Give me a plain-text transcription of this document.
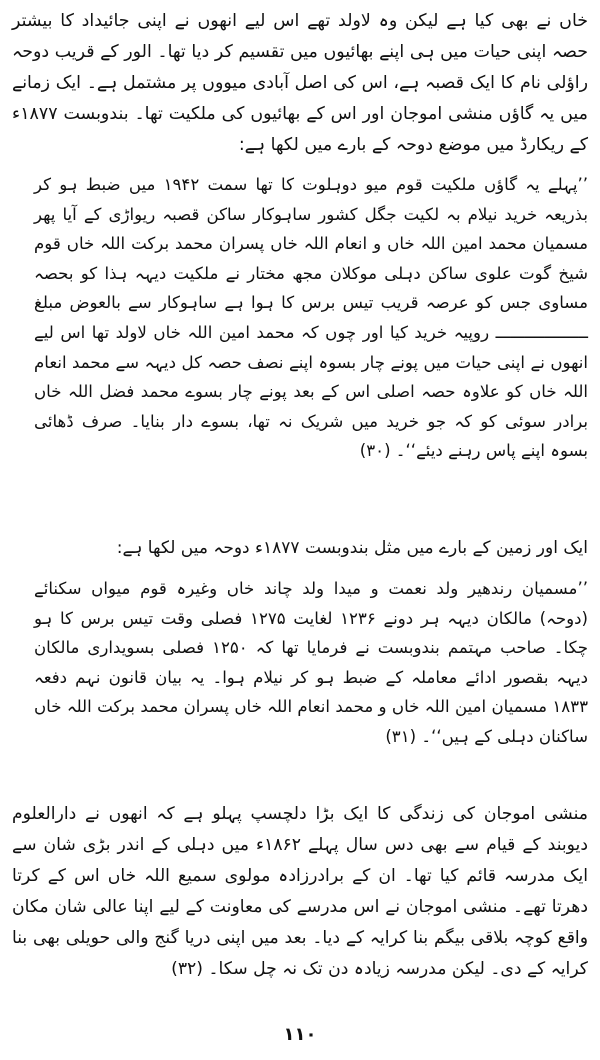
خاں نے بھی کیا ہے لیکن وہ لاولد تھے اس لیے انھوں نے اپنی جائیداد کا بیشتر حصہ اپنی حیات میں ہی اپنے بھائیوں میں تقسیم کر دیا تھا۔ الور کے قریب دوحہ راؤلی نام کا ایک قصبہ ہے، اس کی اصل آبادی میووں پر مشتمل ہے۔ ایک زمانے میں یہ گاؤں منشی اموجان اور اس کے بھائیوں کی ملکیت تھا۔ بندوبست ۱۸۷۷ء کے ریکارڈ میں موضع دوحہ کے بارے میں لکھا ہے:

’’پہلے یہ گاؤں ملکیت قوم میو دوہلوت کا تھا سمت ۱۹۴۲ میں ضبط ہو کر بذریعہ خرید نیلام بہ لکیت جگل کشور ساہوکار ساکن قصبہ ریواڑی کے آیا پھر مسمیان محمد امین اللہ خاں و انعام اللہ خاں پسران محمد برکت اللہ خاں قوم شیخ گوت علوی ساکن دہلی موکلان مجھ مختار نے ملکیت دیہہ ہذا کو بحصہ مساوی جس کو عرصہ قریب تیس برس کا ہوا ہے ساہوکار سے بالعوض مبلغ ـــــــــــــــــــ روپیہ خرید کیا اور چوں کہ محمد امین اللہ خاں لاولد تھا اس لیے انھوں نے اپنی حیات میں پونے چار بسوہ اپنے نصف حصہ کل دیہہ سے محمد انعام اللہ خاں کو علاوہ حصہ اصلی اس کے بعد پونے چار بسوے محمد فضل اللہ خاں برادر سوئی کو کہ جو خرید میں شریک نہ تھا، بسوے دار بنایا۔ صرف ڈھائی بسوہ اپنے پاس رہنے دیئے‘‘۔ (۳۰)

ایک اور زمین کے بارے میں مثل بندوبست ۱۸۷۷ء دوحہ میں لکھا ہے:

’’مسمیان رندھیر ولد نعمت و میدا ولد چاند خاں وغیرہ قوم میواں سکنائے (دوحہ) مالکان دیہہ ہر دونے ۱۲۳۶ لغایت ۱۲۷۵ فصلی وقت تیس برس کا ہو چکا۔ صاحب مہتمم بندوبست نے فرمایا تھا کہ ۱۲۵۰ فصلی بسویداری مالکان دیہہ بقصور ادائے معاملہ کے ضبط ہو کر نیلام ہوا۔ یہ بیان قانون نہم دفعہ ۱۸۳۳ مسمیان امین اللہ خاں و محمد انعام اللہ خاں پسران محمد برکت اللہ خاں ساکنان دہلی کے ہیں‘‘۔ (۳۱)

منشی اموجان کی زندگی کا ایک بڑا دلچسپ پہلو ہے کہ انھوں نے دارالعلوم دیوبند کے قیام سے بھی دس سال پہلے ۱۸۶۲ء میں دہلی کے اندر بڑی شان سے ایک مدرسہ قائم کیا تھا۔ ان کے برادرزادہ مولوی سمیع اللہ خاں اس کے کرتا دھرتا تھے۔ منشی اموجان نے اس مدرسے کی معاونت کے لیے اپنا عالی شان مکان واقع کوچہ بلاقی بیگم بنا کرایہ کے دیا۔ بعد میں اپنی دریا گنج والی حویلی بھی بنا کرایہ کے دی۔ لیکن مدرسہ زیادہ دن تک نہ چل سکا۔ (۳۲)

۱۱۰
